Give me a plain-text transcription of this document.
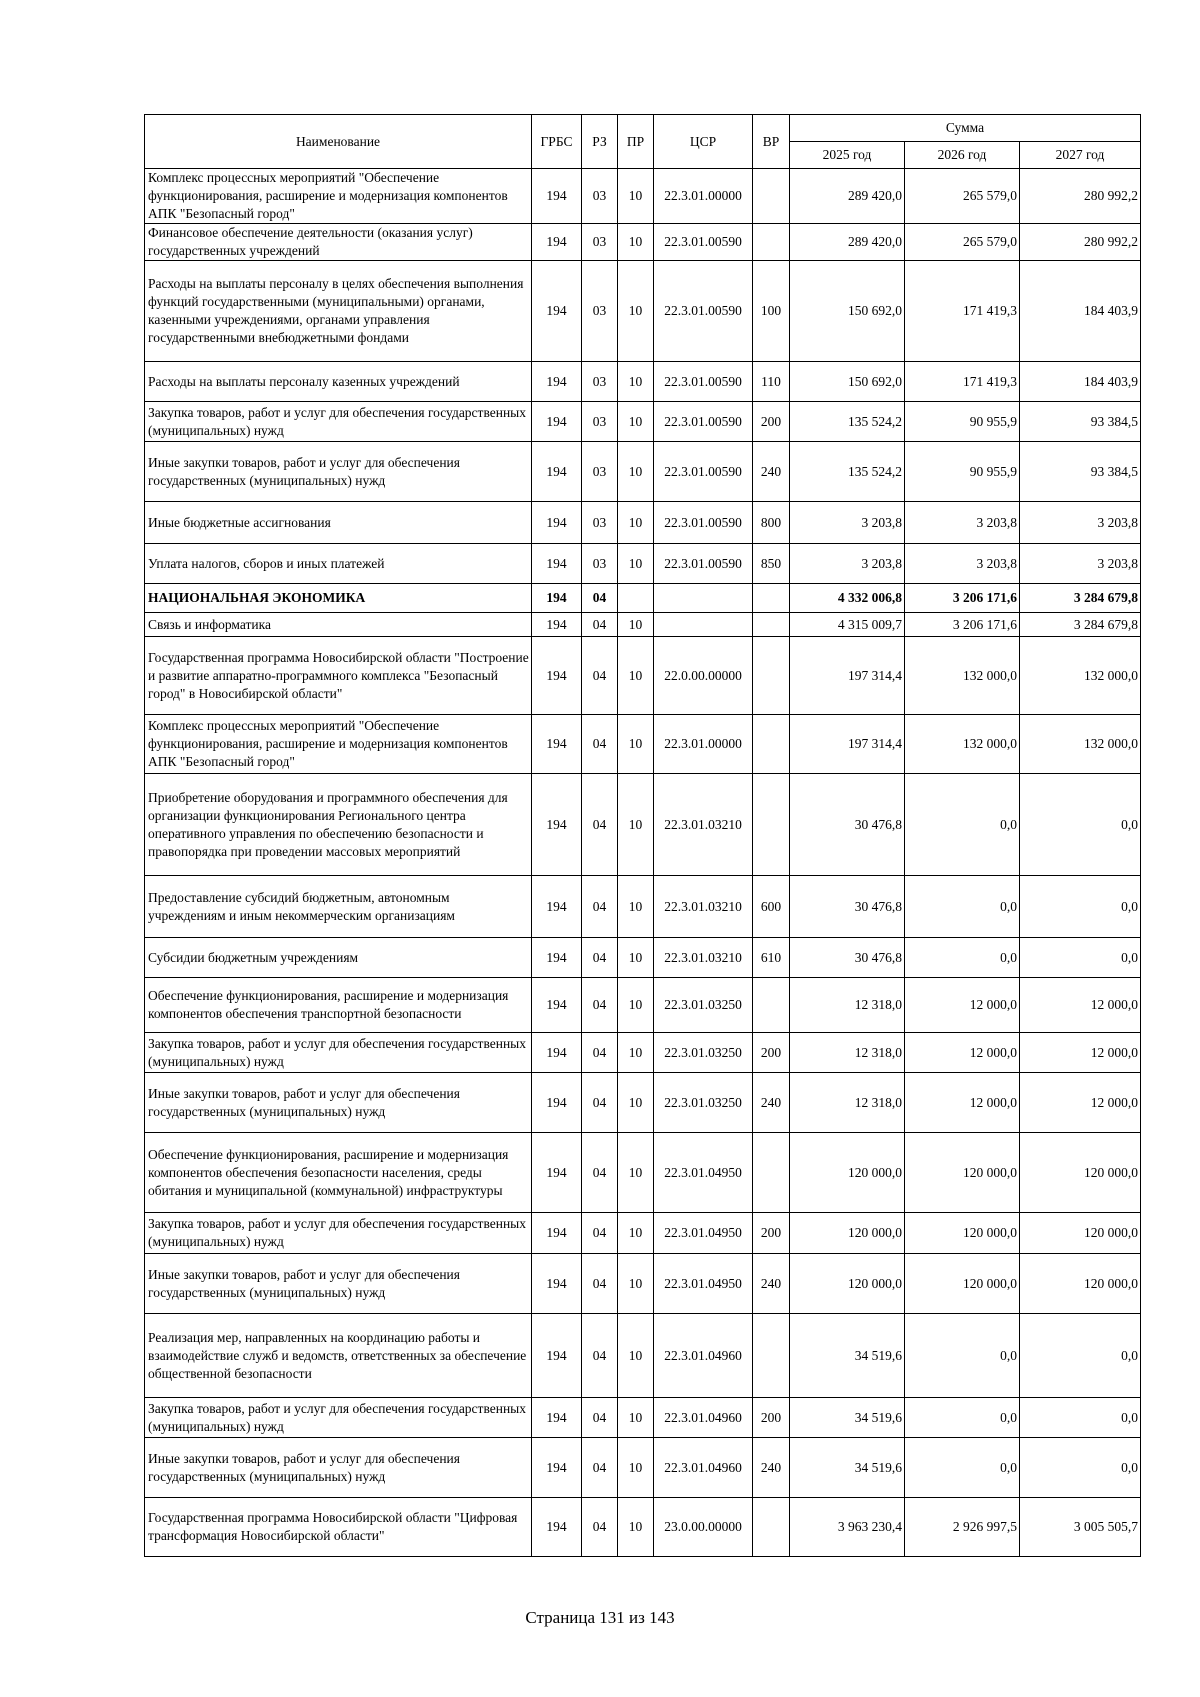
Наименование	ГРБС	РЗ	ПР	ЦСР	ВР	Сумма		
						2025 год	2026 год	2027 год
Комплекс процессных мероприятий "Обеспечение функционирования, расширение и модернизация компонентов АПК "Безопасный город"	194	03	10	22.3.01.00000		289 420,0	265 579,0	280 992,2
Финансовое обеспечение деятельности (оказания услуг) государственных учреждений	194	03	10	22.3.01.00590		289 420,0	265 579,0	280 992,2
Расходы на выплаты персоналу в целях обеспечения выполнения функций государственными (муниципальными) органами, казенными учреждениями, органами управления государственными внебюджетными фондами	194	03	10	22.3.01.00590	100	150 692,0	171 419,3	184 403,9
Расходы на выплаты персоналу казенных учреждений	194	03	10	22.3.01.00590	110	150 692,0	171 419,3	184 403,9
Закупка товаров, работ и услуг для обеспечения государственных (муниципальных) нужд	194	03	10	22.3.01.00590	200	135 524,2	90 955,9	93 384,5
Иные закупки товаров, работ и услуг для обеспечения государственных (муниципальных) нужд	194	03	10	22.3.01.00590	240	135 524,2	90 955,9	93 384,5
Иные бюджетные ассигнования	194	03	10	22.3.01.00590	800	3 203,8	3 203,8	3 203,8
Уплата налогов, сборов и иных платежей	194	03	10	22.3.01.00590	850	3 203,8	3 203,8	3 203,8
НАЦИОНАЛЬНАЯ ЭКОНОМИКА	194	04				4 332 006,8	3 206 171,6	3 284 679,8
Связь и информатика	194	04	10			4 315 009,7	3 206 171,6	3 284 679,8
Государственная программа Новосибирской области "Построение и развитие аппаратно-программного комплекса "Безопасный город" в Новосибирской области"	194	04	10	22.0.00.00000		197 314,4	132 000,0	132 000,0
Комплекс процессных мероприятий "Обеспечение функционирования, расширение и модернизация компонентов АПК "Безопасный город"	194	04	10	22.3.01.00000		197 314,4	132 000,0	132 000,0
Приобретение оборудования и программного обеспечения для организации функционирования Регионального центра оперативного управления по обеспечению безопасности и правопорядка при проведении массовых мероприятий	194	04	10	22.3.01.03210		30 476,8	0,0	0,0
Предоставление субсидий бюджетным, автономным учреждениям и иным некоммерческим организациям	194	04	10	22.3.01.03210	600	30 476,8	0,0	0,0
Субсидии бюджетным учреждениям	194	04	10	22.3.01.03210	610	30 476,8	0,0	0,0
Обеспечение функционирования, расширение и модернизация компонентов обеспечения транспортной безопасности	194	04	10	22.3.01.03250		12 318,0	12 000,0	12 000,0
Закупка товаров, работ и услуг для обеспечения государственных (муниципальных) нужд	194	04	10	22.3.01.03250	200	12 318,0	12 000,0	12 000,0
Иные закупки товаров, работ и услуг для обеспечения государственных (муниципальных) нужд	194	04	10	22.3.01.03250	240	12 318,0	12 000,0	12 000,0
Обеспечение функционирования, расширение и модернизация компонентов обеспечения безопасности населения, среды обитания и муниципальной (коммунальной) инфраструктуры	194	04	10	22.3.01.04950		120 000,0	120 000,0	120 000,0
Закупка товаров, работ и услуг для обеспечения государственных (муниципальных) нужд	194	04	10	22.3.01.04950	200	120 000,0	120 000,0	120 000,0
Иные закупки товаров, работ и услуг для обеспечения государственных (муниципальных) нужд	194	04	10	22.3.01.04950	240	120 000,0	120 000,0	120 000,0
Реализация мер, направленных на координацию работы и взаимодействие служб и ведомств, ответственных за обеспечение общественной безопасности	194	04	10	22.3.01.04960		34 519,6	0,0	0,0
Закупка товаров, работ и услуг для обеспечения государственных (муниципальных) нужд	194	04	10	22.3.01.04960	200	34 519,6	0,0	0,0
Иные закупки товаров, работ и услуг для обеспечения государственных (муниципальных) нужд	194	04	10	22.3.01.04960	240	34 519,6	0,0	0,0
Государственная программа Новосибирской области "Цифровая трансформация Новосибирской области"	194	04	10	23.0.00.00000		3 963 230,4	2 926 997,5	3 005 505,7
Страница 131 из 143
